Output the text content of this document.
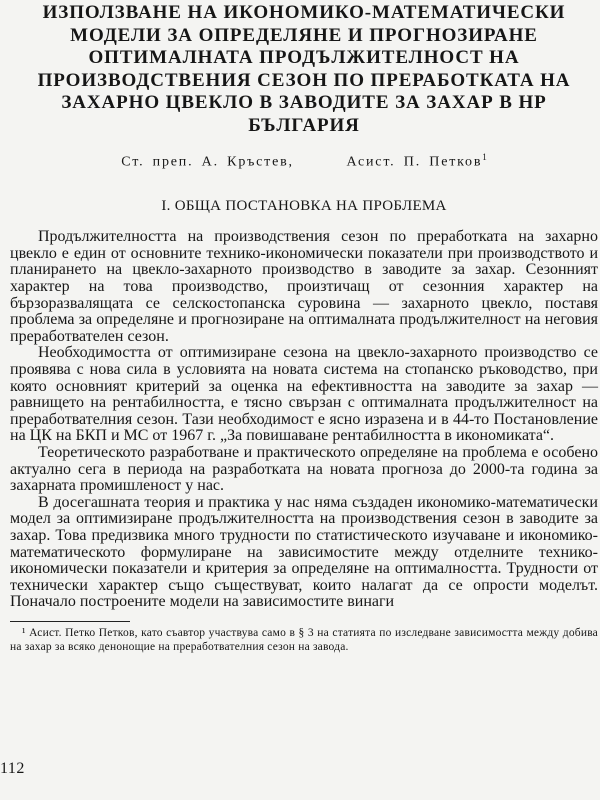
ИЗПОЛЗВАНЕ НА ИКОНОМИКО-МАТЕМАТИЧЕСКИ МОДЕЛИ ЗА ОПРЕДЕЛЯНЕ И ПРОГНОЗИРАНЕ ОПТИМАЛНАТА ПРОДЪЛЖИТЕЛНОСТ НА ПРОИЗВОДСТВЕНИЯ СЕЗОН ПО ПРЕРАБОТКАТА НА ЗАХАРНО ЦВЕКЛО В ЗАВОДИТЕ ЗА ЗАХАР В НР БЪЛГАРИЯ
Ст. преп. А. Кръстев,	Асист. П. Петков$^1$
I. ОБЩА ПОСТАНОВКА НА ПРОБЛЕМА

Продължителността на производствения сезон по преработката на захарно цвекло е един от основните технико-икономически показатели при производството и планирането на цвекло-захарното производство в заводите за захар. Сезонният характер на това производство, произтичащ от сезонния характер на бързоразвалящата се селскостопанска суровина — захарното цвекло, поставя проблема за определяне и прогнозиране на оптималната продължителност на неговия преработвателен сезон.

Необходимостта от оптимизиране сезона на цвекло-захарното производство се проявява с нова сила в условията на новата система на стопанско ръководство, при която основният критерий за оценка на ефективността на заводите за захар — равнището на рентабилността, е тясно свързан с оптималната продължителност на преработвателния сезон. Тази необходимост е ясно изразена и в 44-то Постановление на ЦК на БКП и МС от 1967 г. „За повишаване рентабилността в икономиката“.

Теоретическото разработване и практическото определяне на проблема е особено актуално сега в периода на разработката на новата прогноза до 2000-та година за захарната промишленост у нас.

В досегашната теория и практика у нас няма създаден икономико-математически модел за оптимизиране продължителността на производствения сезон в заводите за захар. Това предизвика много трудности по статистическото изучаване и икономико-математическото формулиране на зависимостите между отделните технико-икономически показатели и критерия за определяне на оптималността. Трудности от технически характер също съществуват, които налагат да се опрости моделът. Поначало построените модели на зависимостите винаги

¹ Асист. Петко Петков, като съавтор участвува само в § 3 на статията по изследване зависимостта между добива на захар за всяко денонощие на преработвателния сезон на завода.

112
